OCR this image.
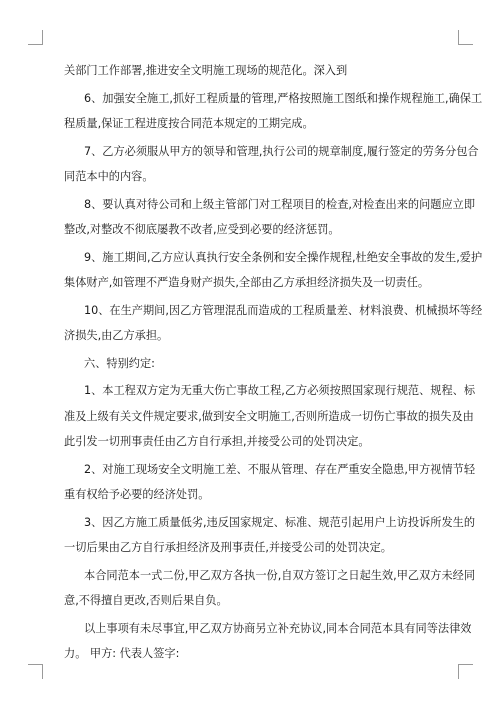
关部门工作部署,推进安全文明施工现场的规范化。深入到
6、加强安全施工,抓好工程质量的管理,严格按照施工图纸和操作规程施工,确保工
程质量,保证工程进度按合同范本规定的工期完成。
7、乙方必须服从甲方的领导和管理,执行公司的规章制度,履行签定的劳务分包合
同范本中的内容。
8、要认真对待公司和上级主管部门对工程项目的检查,对检查出来的问题应立即
整改,对整改不彻底屡教不改者,应受到必要的经济惩罚。
9、施工期间,乙方应认真执行安全条例和安全操作规程,杜绝安全事故的发生,爱护
集体财产,如管理不严造身财产损失,全部由乙方承担经济损失及一切责任。
10、在生产期间,因乙方管理混乱而造成的工程质量差、材料浪费、机械损坏等经
济损失,由乙方承担。
六、特别约定:
1、本工程双方定为无重大伤亡事故工程,乙方必须按照国家现行规范、规程、标
准及上级有关文件规定要求,做到安全文明施工,否则所造成一切伤亡事故的损失及由
此引发一切刑事责任由乙方自行承担,并接受公司的处罚决定。
2、对施工现场安全文明施工差、不服从管理、存在严重安全隐患,甲方视情节轻
重有权给予必要的经济处罚。
3、因乙方施工质量低劣,违反国家规定、标准、规范引起用户上访投诉所发生的
一切后果由乙方自行承担经济及刑事责任,并接受公司的处罚决定。
本合同范本一式二份,甲乙双方各执一份,自双方签订之日起生效,甲乙双方未经同
意,不得擅自更改,否则后果自负。
以上事项有未尽事宜,甲乙双方协商另立补充协议,同本合同范本具有同等法律效
力。 甲方: 代表人签字:
